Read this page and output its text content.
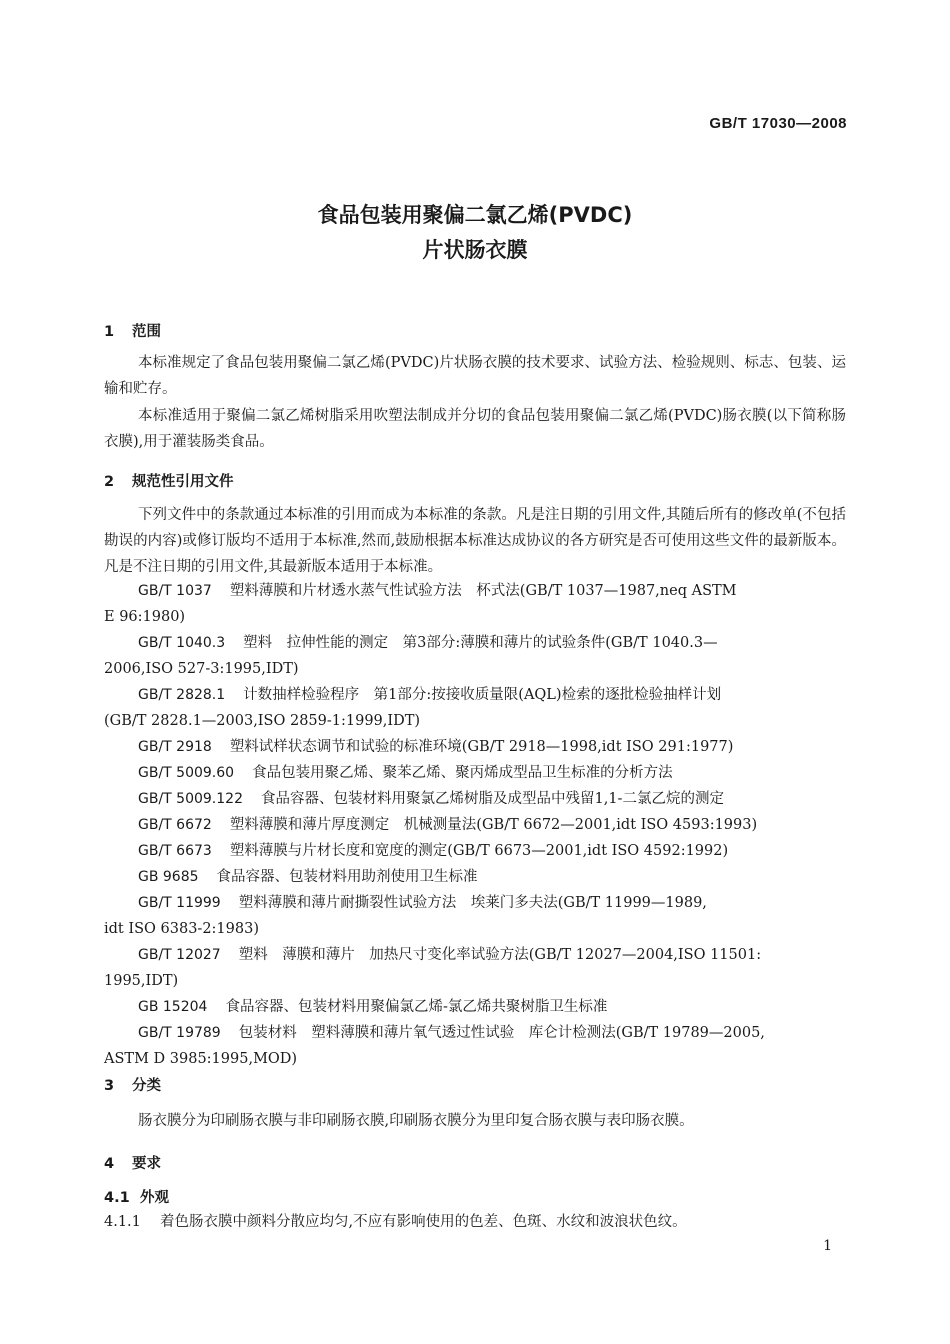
GB/T 17030—2008
食品包装用聚偏二氯乙烯(PVDC)
片状肠衣膜
1 范围
本标准规定了食品包装用聚偏二氯乙烯(PVDC)片状肠衣膜的技术要求、试验方法、检验规则、标志、包装、运输和贮存。
本标准适用于聚偏二氯乙烯树脂采用吹塑法制成并分切的食品包装用聚偏二氯乙烯(PVDC)肠衣膜(以下简称肠衣膜),用于灌装肠类食品。
2 规范性引用文件
下列文件中的条款通过本标准的引用而成为本标准的条款。凡是注日期的引用文件,其随后所有的修改单(不包括勘误的内容)或修订版均不适用于本标准,然而,鼓励根据本标准达成协议的各方研究是否可使用这些文件的最新版本。凡是不注日期的引用文件,其最新版本适用于本标准。
GB/T 1037 塑料薄膜和片材透水蒸气性试验方法　杯式法(GB/T 1037—1987,neq ASTM
E 96:1980)
GB/T 1040.3 塑料　拉伸性能的测定　第3部分:薄膜和薄片的试验条件(GB/T 1040.3—
2006,ISO 527-3:1995,IDT)
GB/T 2828.1 计数抽样检验程序　第1部分:按接收质量限(AQL)检索的逐批检验抽样计划
(GB/T 2828.1—2003,ISO 2859-1:1999,IDT)
GB/T 2918 塑料试样状态调节和试验的标准环境(GB/T 2918—1998,idt ISO 291:1977)
GB/T 5009.60 食品包装用聚乙烯、聚苯乙烯、聚丙烯成型品卫生标准的分析方法
GB/T 5009.122 食品容器、包装材料用聚氯乙烯树脂及成型品中残留1,1-二氯乙烷的测定
GB/T 6672 塑料薄膜和薄片厚度测定　机械测量法(GB/T 6672—2001,idt ISO 4593:1993)
GB/T 6673 塑料薄膜与片材长度和宽度的测定(GB/T 6673—2001,idt ISO 4592:1992)
GB 9685 食品容器、包装材料用助剂使用卫生标准
GB/T 11999 塑料薄膜和薄片耐撕裂性试验方法　埃莱门多夫法(GB/T 11999—1989,
idt ISO 6383-2:1983)
GB/T 12027 塑料　薄膜和薄片　加热尺寸变化率试验方法(GB/T 12027—2004,ISO 11501:
1995,IDT)
GB 15204 食品容器、包装材料用聚偏氯乙烯-氯乙烯共聚树脂卫生标准
GB/T 19789 包装材料　塑料薄膜和薄片氧气透过性试验　库仑计检测法(GB/T 19789—2005,
ASTM D 3985:1995,MOD)
3 分类
肠衣膜分为印刷肠衣膜与非印刷肠衣膜,印刷肠衣膜分为里印复合肠衣膜与表印肠衣膜。
4 要求
4.1 外观
4.1.1 着色肠衣膜中颜料分散应均匀,不应有影响使用的色差、色斑、水纹和波浪状色纹。
1
